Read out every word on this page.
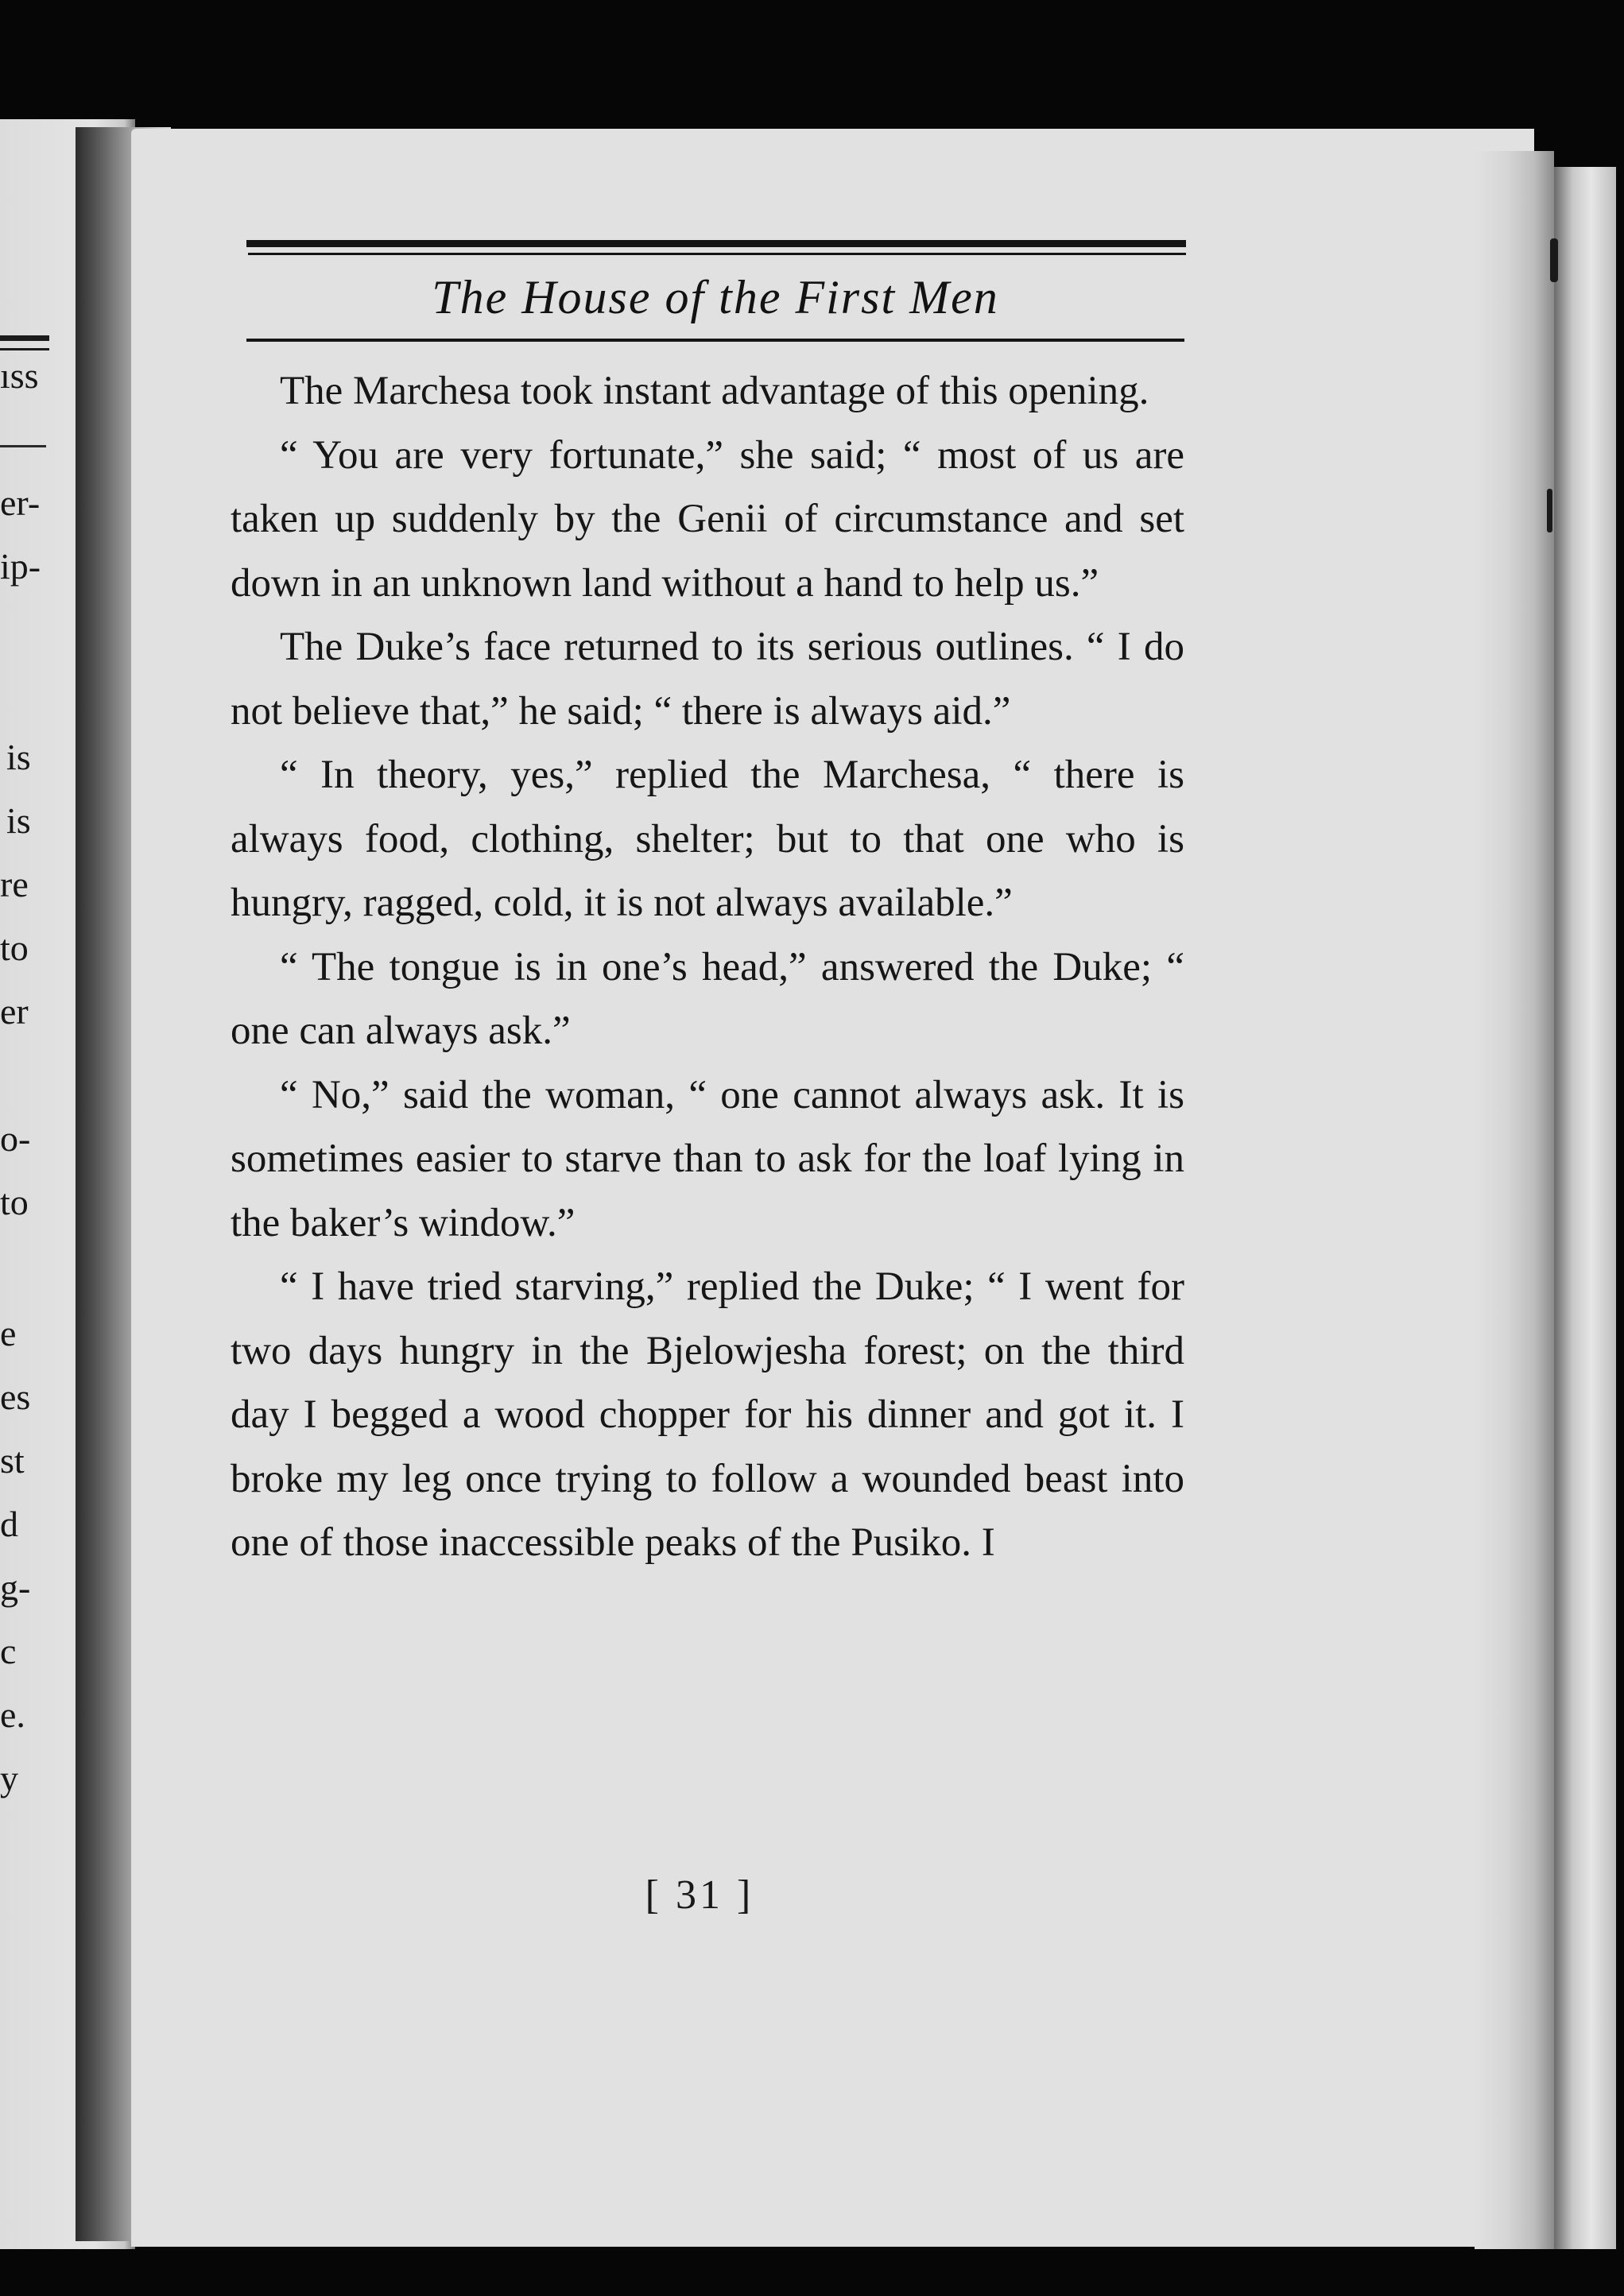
ıss
er-
ip-
is
is
re
to
er
o-
to
e
es
st
d
g-
c
e.
y
The House of the First Men

The Marchesa took instant advantage of this opening.

“ You are very fortunate,” she said; “ most of us are taken up suddenly by the Genii of circumstance and set down in an unknown land without a hand to help us.”

The Duke’s face returned to its serious outlines. “ I do not believe that,” he said; “ there is always aid.”

“ In theory, yes,” replied the Marchesa, “ there is always food, clothing, shelter; but to that one who is hungry, ragged, cold, it is not always available.”

“ The tongue is in one’s head,” answered the Duke; “ one can always ask.”

“ No,” said the woman, “ one cannot always ask. It is sometimes easier to starve than to ask for the loaf lying in the baker’s window.”

“ I have tried starving,” replied the Duke; “ I went for two days hungry in the Bjelowjesha forest; on the third day I begged a wood chopper for his dinner and got it. I broke my leg once trying to follow a wounded beast into one of those inaccessible peaks of the Pusiko. I

[ 31 ]
